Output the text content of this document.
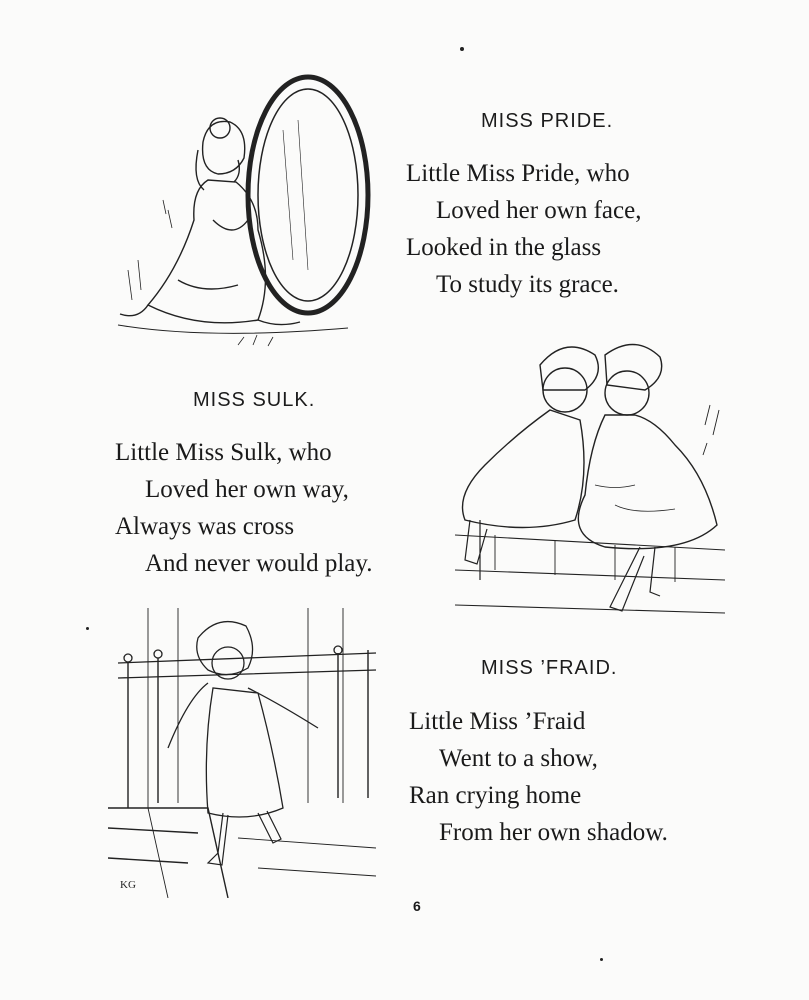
MISS PRIDE.
Little Miss Pride, who
Loved her own face,
Looked in the glass
To study its grace.
MISS SULK.
Little Miss Sulk, who
Loved her own way,
Always was cross
And never would play.
KG
MISS ’FRAID.
Little Miss ’Fraid
Went to a show,
Ran crying home
From her own shadow.
6
